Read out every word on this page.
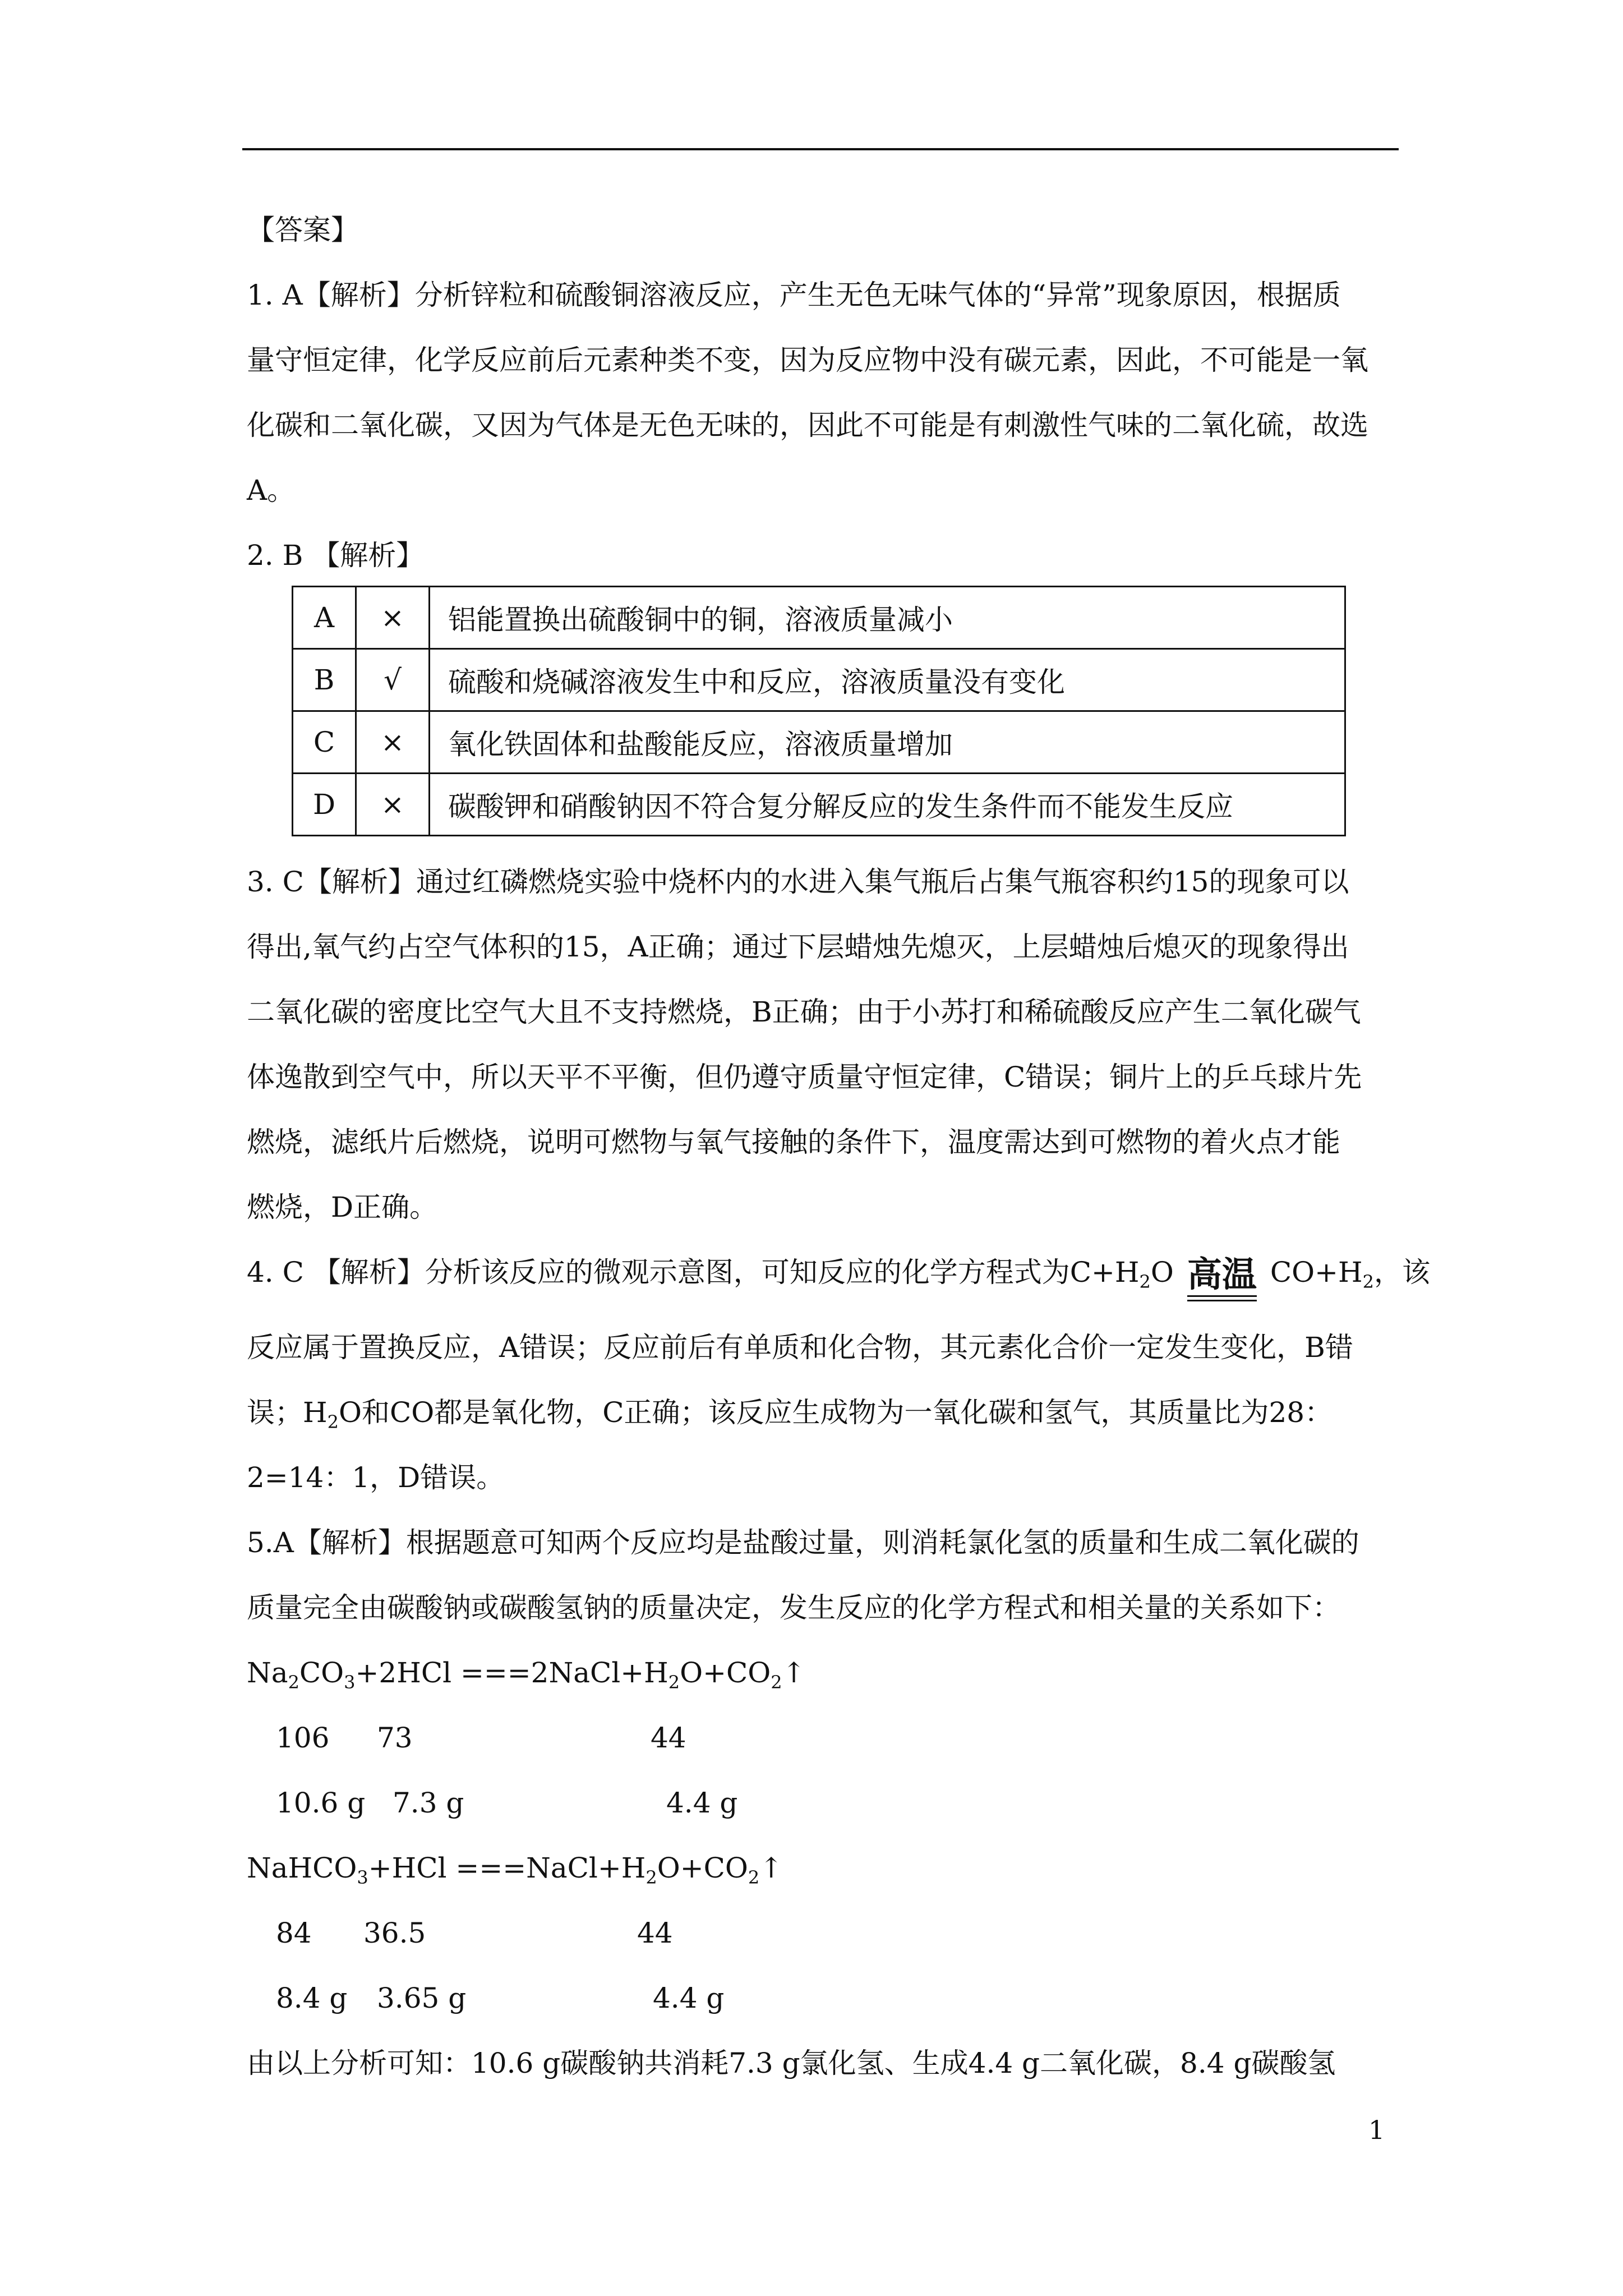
【答案】
1. A【解析】分析锌粒和硫酸铜溶液反应，产生无色无味气体的“异常”现象原因，根据质
量守恒定律，化学反应前后元素种类不变，因为反应物中没有碳元素，因此，不可能是一氧
化碳和二氧化碳，又因为气体是无色无味的，因此不可能是有刺激性气味的二氧化硫，故选
A。
2. B 【解析】
A	×	铝能置换出硫酸铜中的铜，溶液质量减小
B	√	硫酸和烧碱溶液发生中和反应，溶液质量没有变化
C	×	氧化铁固体和盐酸能反应，溶液质量增加
D	×	碳酸钾和硝酸钠因不符合复分解反应的发生条件而不能发生反应
3. C【解析】通过红磷燃烧实验中烧杯内的水进入集气瓶后占集气瓶容积约15的现象可以
得出,氧气约占空气体积的15，A正确；通过下层蜡烛先熄灭，上层蜡烛后熄灭的现象得出
二氧化碳的密度比空气大且不支持燃烧，B正确；由于小苏打和稀硫酸反应产生二氧化碳气
体逸散到空气中，所以天平不平衡，但仍遵守质量守恒定律，C错误；铜片上的乒乓球片先
燃烧，滤纸片后燃烧，说明可燃物与氧气接触的条件下，温度需达到可燃物的着火点才能
燃烧，D正确。
4. C 【解析】分析该反应的微观示意图，可知反应的化学方程式为$C+H_2O$ 高温 $CO+H_2$，该
反应属于置换反应，A错误；反应前后有单质和化合物，其元素化合价一定发生变化，B错
误；$H_2O$和CO都是氧化物，C正确；该反应生成物为一氧化碳和氢气，其质量比为28：
2=14：1，D错误。
5.A【解析】根据题意可知两个反应均是盐酸过量，则消耗氯化氢的质量和生成二氧化碳的
质量完全由碳酸钠或碳酸氢钠的质量决定，发生反应的化学方程式和相关量的关系如下：
$Na_2CO_3+2HCl$ $===2NaCl+H_2O+CO_2↑$
106 73	44
10.6 g 7.3 g	4.4 g
NaHCO$_3$+HCl $===NaCl+H_2O+CO_2↑$
84 36.5	44
8.4 g 3.65 g	4.4 g
由以上分析可知：10.6 g碳酸钠共消耗7.3 g氯化氢、生成4.4 g二氧化碳，8.4 g碳酸氢
1
